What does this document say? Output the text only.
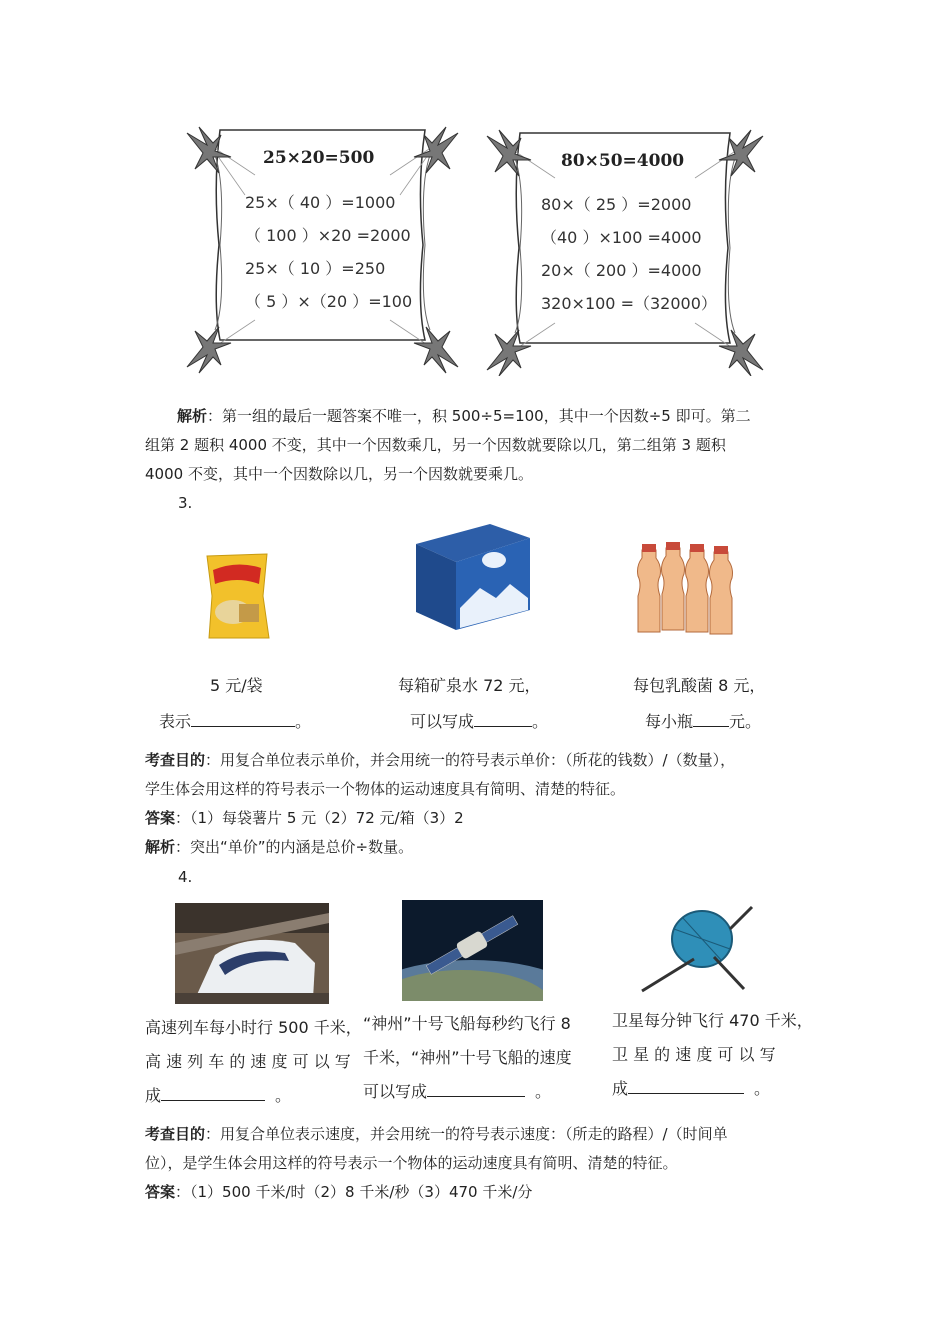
25×20=500
25×（ 40 ）=1000
（ 100 ）×20 =2000
25×（ 10 ）=250
（ 5 ）×（20 ）=100
80×50=4000
80×（ 25 ）=2000
（40 ）×100 =4000
20×（ 200 ）=4000
320×100 =（32000）
解析：第一组的最后一题答案不唯一，积 500÷5=100，其中一个因数÷5 即可。第二
组第 2 题积 4000 不变，其中一个因数乘几，另一个因数就要除以几，第二组第 3 题积
4000 不变，其中一个因数除以几，另一个因数就要乘几。
3.
5 元/袋
表示	。
每箱矿泉水 72 元，
可以写成	。
每包乳酸菌 8 元，
每小瓶 元。
考查目的：用复合单位表示单价，并会用统一的符号表示单价：（所花的钱数）/（数量），
学生体会用这样的符号表示一个物体的运动速度具有简明、清楚的特征。
答案：（1）每袋薯片 5 元（2）72 元/箱（3）2
解析：突出“单价”的内涵是总价÷数量。
4.
高速列车每小时行 500 千米，
高 速 列 车 的 速 度 可 以 写
成	。
“神州”十号飞船每秒约飞行 8
千米，“神州”十号飞船的速度
可以写成	。
卫星每分钟飞行 470 千米，
卫 星 的 速 度 可 以 写
成	。
考查目的：用复合单位表示速度，并会用统一的符号表示速度：（所走的路程）/（时间单
位），是学生体会用这样的符号表示一个物体的运动速度具有简明、清楚的特征。
答案：（1）500 千米/时（2）8 千米/秒（3）470 千米/分
